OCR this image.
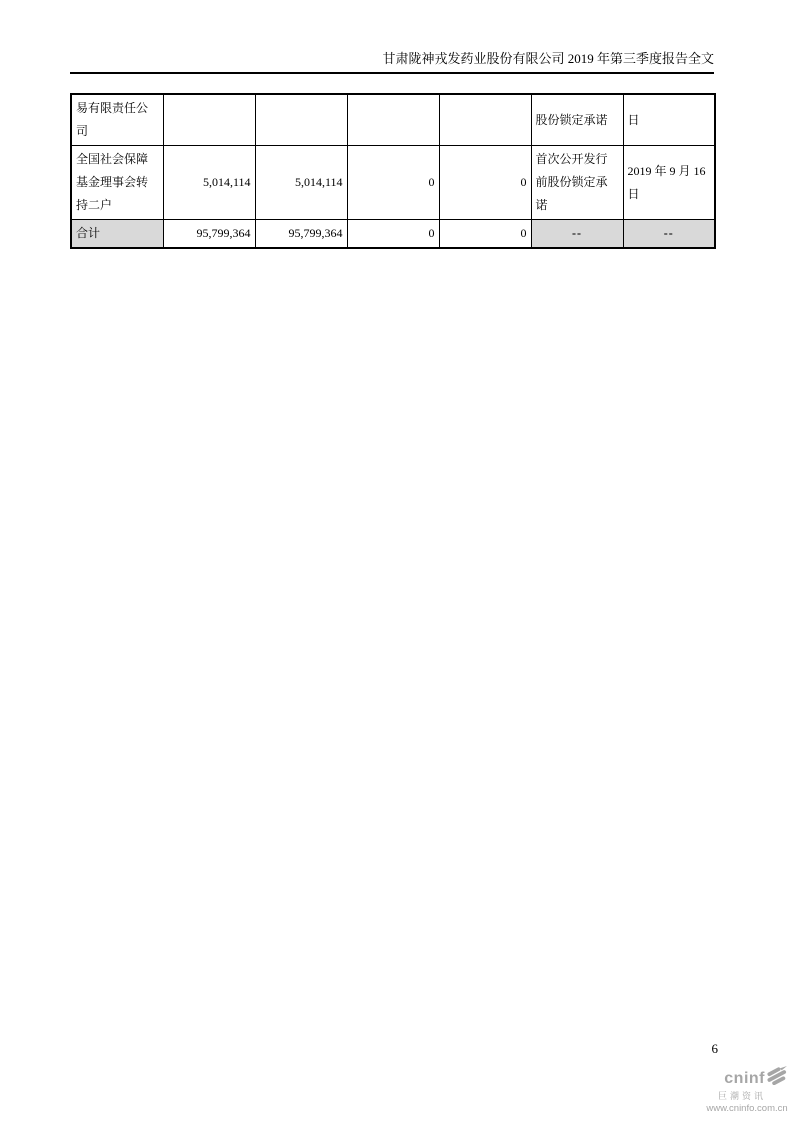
甘肃陇神戎发药业股份有限公司 2019 年第三季度报告全文
易有限责任公司					股份锁定承诺	日
全国社会保障基金理事会转持二户	5,014,114	5,014,114	0	0	首次公开发行前股份锁定承诺	2019 年 9 月 16 日
合计	95,799,364	95,799,364	0	0	--	--
6
cninf
巨潮资讯
www.cninfo.com.cn
